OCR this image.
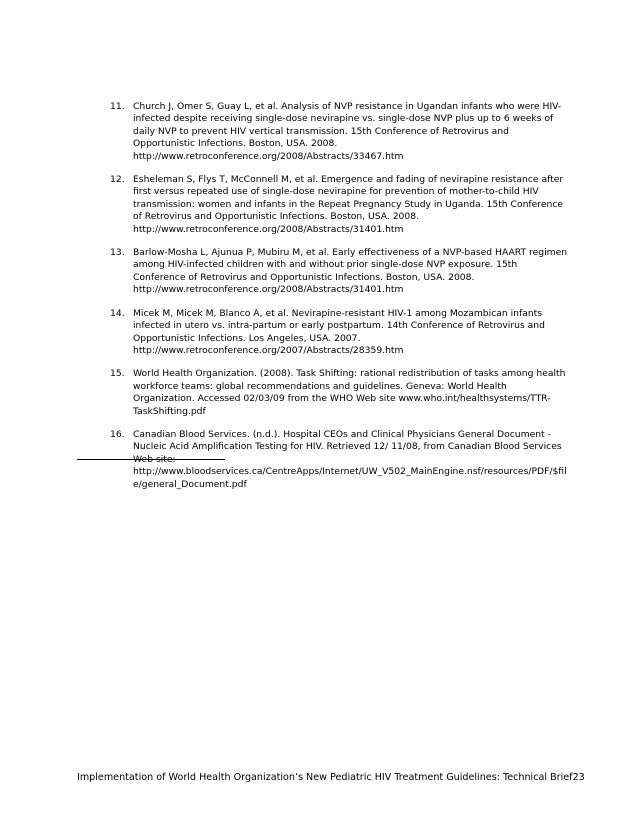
11. Church J, Omer S, Guay L, et al. Analysis of NVP resistance in Ugandan infants who were HIV-infected despite receiving single-dose nevirapine vs. single-dose NVP plus up to 6 weeks of daily NVP to prevent HIV vertical transmission. 15th Conference of Retrovirus and Opportunistic Infections. Boston, USA. 2008. http://www.retroconference.org/2008/Abstracts/33467.htm
12. Esheleman S, Flys T, McConnell M, et al. Emergence and fading of nevirapine resistance after first versus repeated use of single-dose nevirapine for prevention of mother-to-child HIV transmission: women and infants in the Repeat Pregnancy Study in Uganda. 15th Conference of Retrovirus and Opportunistic Infections. Boston, USA. 2008. http://www.retroconference.org/2008/Abstracts/31401.htm
13. Barlow-Mosha L, Ajunua P, Mubiru M, et al. Early effectiveness of a NVP-based HAART regimen among HIV-infected children with and without prior single-dose NVP exposure. 15th Conference of Retrovirus and Opportunistic Infections. Boston, USA. 2008. http://www.retroconference.org/2008/Abstracts/31401.htm
14. Micek M, Micek M, Blanco A, et al. Nevirapine-resistant HIV-1 among Mozambican infants infected in utero vs. intra-partum or early postpartum. 14th Conference of Retrovirus and Opportunistic Infections. Los Angeles, USA. 2007. http://www.retroconference.org/2007/Abstracts/28359.htm
15. World Health Organization. (2008). Task Shifting: rational redistribution of tasks among health workforce teams: global recommendations and guidelines. Geneva: World Health Organization. Accessed 02/03/09 from the WHO Web site www.who.int/healthsystems/TTR-TaskShifting.pdf
16. Canadian Blood Services. (n.d.). Hospital CEOs and Clinical Physicians General Document - Nucleic Acid Amplification Testing for HIV. Retrieved 12/ 11/08, from Canadian Blood Services Web site: http://www.bloodservices.ca/CentreApps/Internet/UW_V502_MainEngine.nsf/resources/PDF/$file/general_Document.pdf
Implementation of World Health Organization’s New Pediatric HIV Treatment Guidelines: Technical Brief 23
